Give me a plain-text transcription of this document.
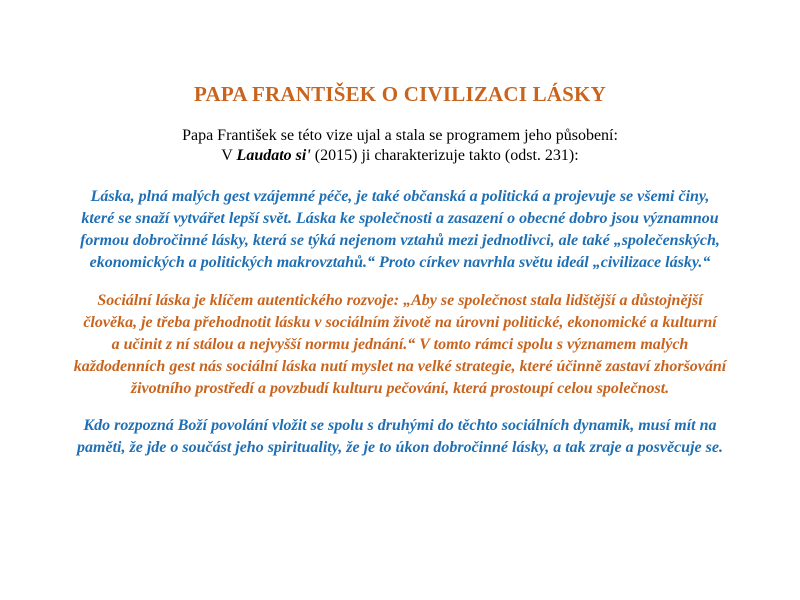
PAPA FRANTIŠEK O CIVILIZACI LÁSKY
Papa František se této vize ujal a stala se programem jeho působení:
V Laudato si' (2015) ji charakterizuje takto (odst. 231):
Láska, plná malých gest vzájemné péče, je také občanská a politická a projevuje se všemi činy,
které se snaží vytvářet lepší svět. Láska ke společnosti a zasazení o obecné dobro jsou významnou
formou dobročinné lásky, která se týká nejenom vztahů mezi jednotlivci, ale také „společenských,
ekonomických a politických makrovztahů.“ Proto církev navrhla světu ideál „civilizace lásky.“
Sociální láska je klíčem autentického rozvoje: „Aby se společnost stala lidštější a důstojnější
člověka, je třeba přehodnotit lásku v sociálním životě na úrovni politické, ekonomické a kulturní
a učinit z ní stálou a nejvyšší normu jednání.“ V tomto rámci spolu s významem malých
každodenních gest nás sociální láska nutí myslet na velké strategie, které účinně zastaví zhoršování
životního prostředí a povzbudí kulturu pečování, která prostoupí celou společnost.
Kdo rozpozná Boží povolání vložit se spolu s druhými do těchto sociálních dynamik, musí mít na
paměti, že jde o součást jeho spirituality, že je to úkon dobročinné lásky, a tak zraje a posvěcuje se.
